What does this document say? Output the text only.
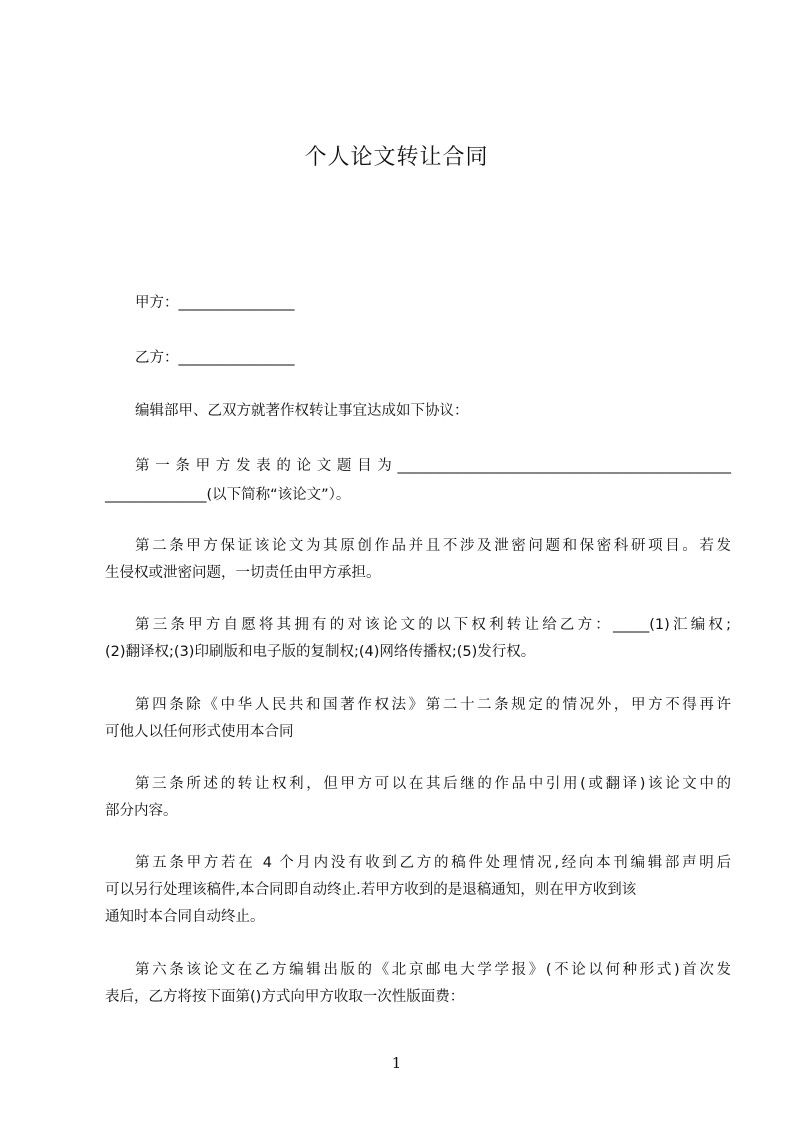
个人论文转让合同
甲方：________________
乙方：________________
编辑部甲、乙双方就著作权转让事宜达成如下协议：
第一条甲方发表的论文题目为______________________________________________
______________(以下简称“该论文”）。
第二条甲方保证该论文为其原创作品并且不涉及泄密问题和保密科研项目。若发
生侵权或泄密问题，一切责任由甲方承担。
第三条甲方自愿将其拥有的对该论文的以下权利转让给乙方：_____(1)汇编权;
(2)翻译权;(3)印刷版和电子版的复制权;(4)网络传播权;(5)发行权。
第四条除《中华人民共和国著作权法》第二十二条规定的情况外，甲方不得再许
可他人以任何形式使用本合同
第三条所述的转让权利，但甲方可以在其后继的作品中引用(或翻译)该论文中的
部分内容。
第五条甲方若在 4 个月内没有收到乙方的稿件处理情况,经向本刊编辑部声明后
可以另行处理该稿件,本合同即自动终止.若甲方收到的是退稿通知，则在甲方收到该
通知时本合同自动终止。
第六条该论文在乙方编辑出版的《北京邮电大学学报》(不论以何种形式)首次发
表后，乙方将按下面第()方式向甲方收取一次性版面费：
1
